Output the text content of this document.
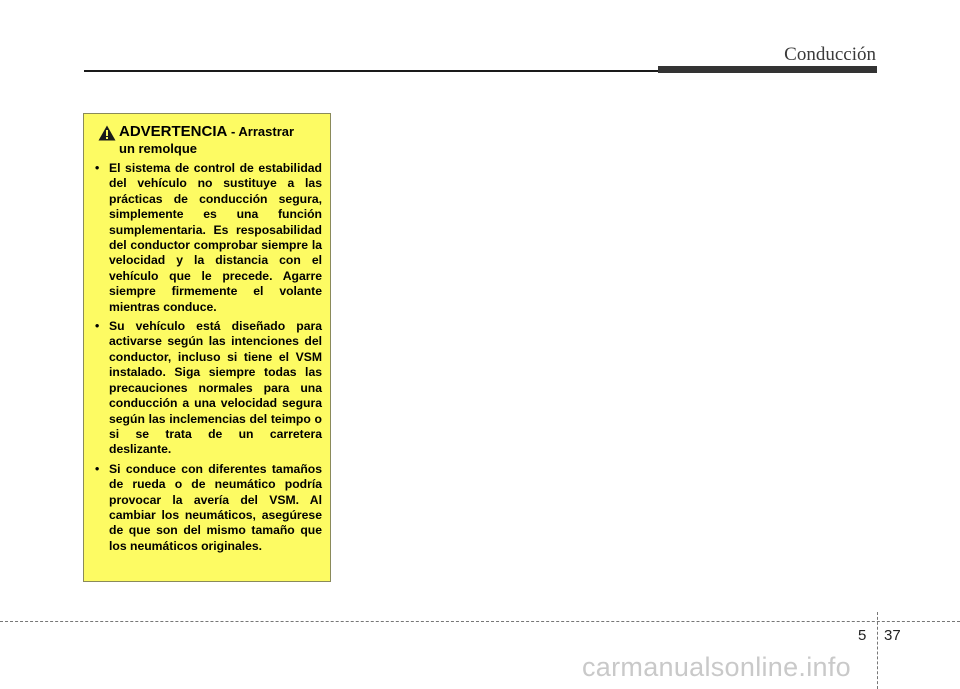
Conducción
ADVERTENCIA - Arrastrar
un remolque
• El sistema de control de estabilidad del vehículo no sustituye a las prácticas de conducción segura, simplemente es una función sumplementaria. Es resposabilidad del conductor comprobar siempre la velocidad y la distancia con el vehículo que le precede. Agarre siempre firmemente el volante mientras conduce.
• Su vehículo está diseñado para activarse según las intenciones del conductor, incluso si tiene el VSM instalado. Siga siempre todas las precauciones normales para una conducción a una velocidad segura según las inclemencias del teimpo o si se trata de un carretera deslizante.
• Si conduce con diferentes tamaños de rueda o de neumático podría provocar la avería del VSM. Al cambiar los neumáticos, asegúrese de que son del mismo tamaño que los neumáticos originales.
5 37
carmanualsonline.info
